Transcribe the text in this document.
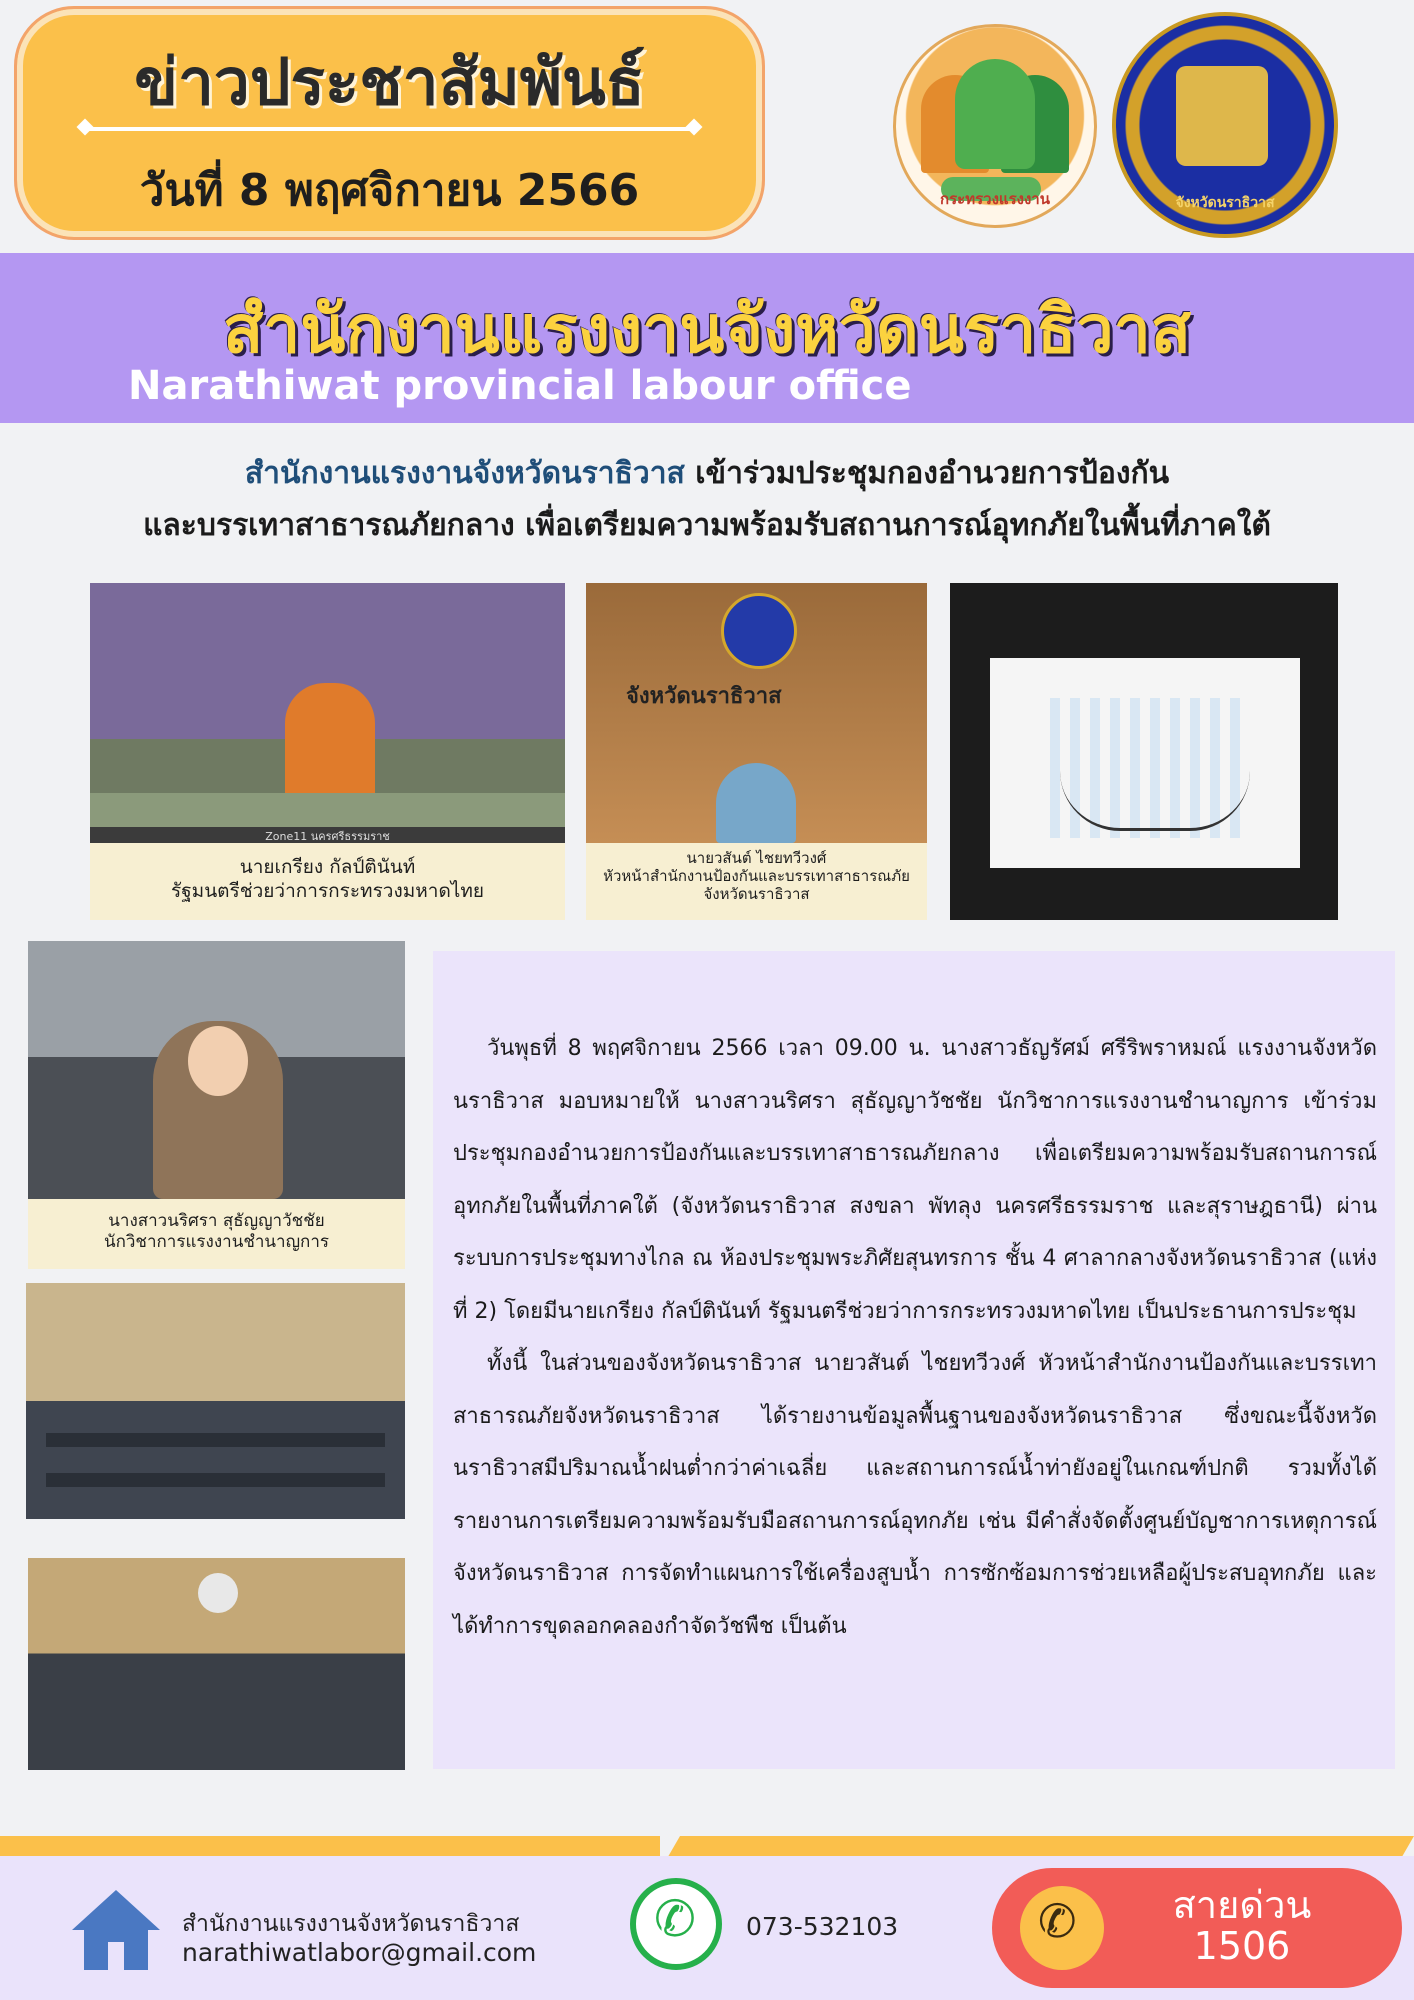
ข่าวประชาสัมพันธ์
วันที่ 8 พฤศจิกายน 2566	กระทรวงแรงงาน	จังหวัดนราธิวาส
สำนักงานแรงงานจังหวัดนราธิวาส
Narathiwat provincial labour office
สำนักงานแรงงานจังหวัดนราธิวาส เข้าร่วมประชุมกองอำนวยการป้องกัน
และบรรเทาสาธารณภัยกลาง เพื่อเตรียมความพร้อมรับสถานการณ์อุทกภัยในพื้นที่ภาคใต้
Zone11 นครศรีธรรมราช
นายเกรียง กัลป์ตินันท์
รัฐมนตรีช่วยว่าการกระทรวงมหาดไทย
จังหวัดนราธิวาส
นายวสันต์ ไชยทวีวงศ์
หัวหน้าสำนักงานป้องกันและบรรเทาสาธารณภัย
จังหวัดนราธิวาส
นางสาวนริศรา สุธัญญาวัชชัย
นักวิชาการแรงงานชำนาญการ

วันพุธที่ 8 พฤศจิกายน 2566 เวลา 09.00 น. นางสาวธัญรัศม์ ศรีริพราหมณ์ แรงงานจังหวัดนราธิวาส มอบหมายให้ นางสาวนริศรา สุธัญญาวัชชัย นักวิชาการแรงงานชำนาญการ เข้าร่วมประชุมกองอำนวยการป้องกันและบรรเทาสาธารณภัยกลาง เพื่อเตรียมความพร้อมรับสถานการณ์อุทกภัยในพื้นที่ภาคใต้ (จังหวัดนราธิวาส สงขลา พัทลุง นครศรีธรรมราช และสุราษฎธานี) ผ่านระบบการประชุมทางไกล ณ ห้องประชุมพระภิศัยสุนทรการ ชั้น 4 ศาลากลางจังหวัดนราธิวาส (แห่งที่ 2) โดยมีนายเกรียง กัลป์ตินันท์ รัฐมนตรีช่วยว่าการกระทรวงมหาดไทย เป็นประธานการประชุม

ทั้งนี้ ในส่วนของจังหวัดนราธิวาส นายวสันต์ ไชยทวีวงศ์ หัวหน้าสำนักงานป้องกันและบรรเทาสาธารณภัยจังหวัดนราธิวาส ได้รายงานข้อมูลพื้นฐานของจังหวัดนราธิวาส ซึ่งขณะนี้จังหวัดนราธิวาสมีปริมาณน้ำฝนต่ำกว่าค่าเฉลี่ย และสถานการณ์น้ำท่ายังอยู่ในเกณฑ์ปกติ รวมทั้งได้รายงานการเตรียมความพร้อมรับมือสถานการณ์อุทกภัย เช่น มีคำสั่งจัดตั้งศูนย์บัญชาการเหตุการณ์จังหวัดนราธิวาส การจัดทำแผนการใช้เครื่องสูบน้ำ การซักซ้อมการช่วยเหลือผู้ประสบอุทกภัย และได้ทำการขุดลอกคลองกำจัดวัชพืช เป็นต้น

สำนักงานแรงงานจังหวัดนราธิวาส
narathiwatlabor@gmail.com
✆
073-532103
✆	สายด่วน
1506
